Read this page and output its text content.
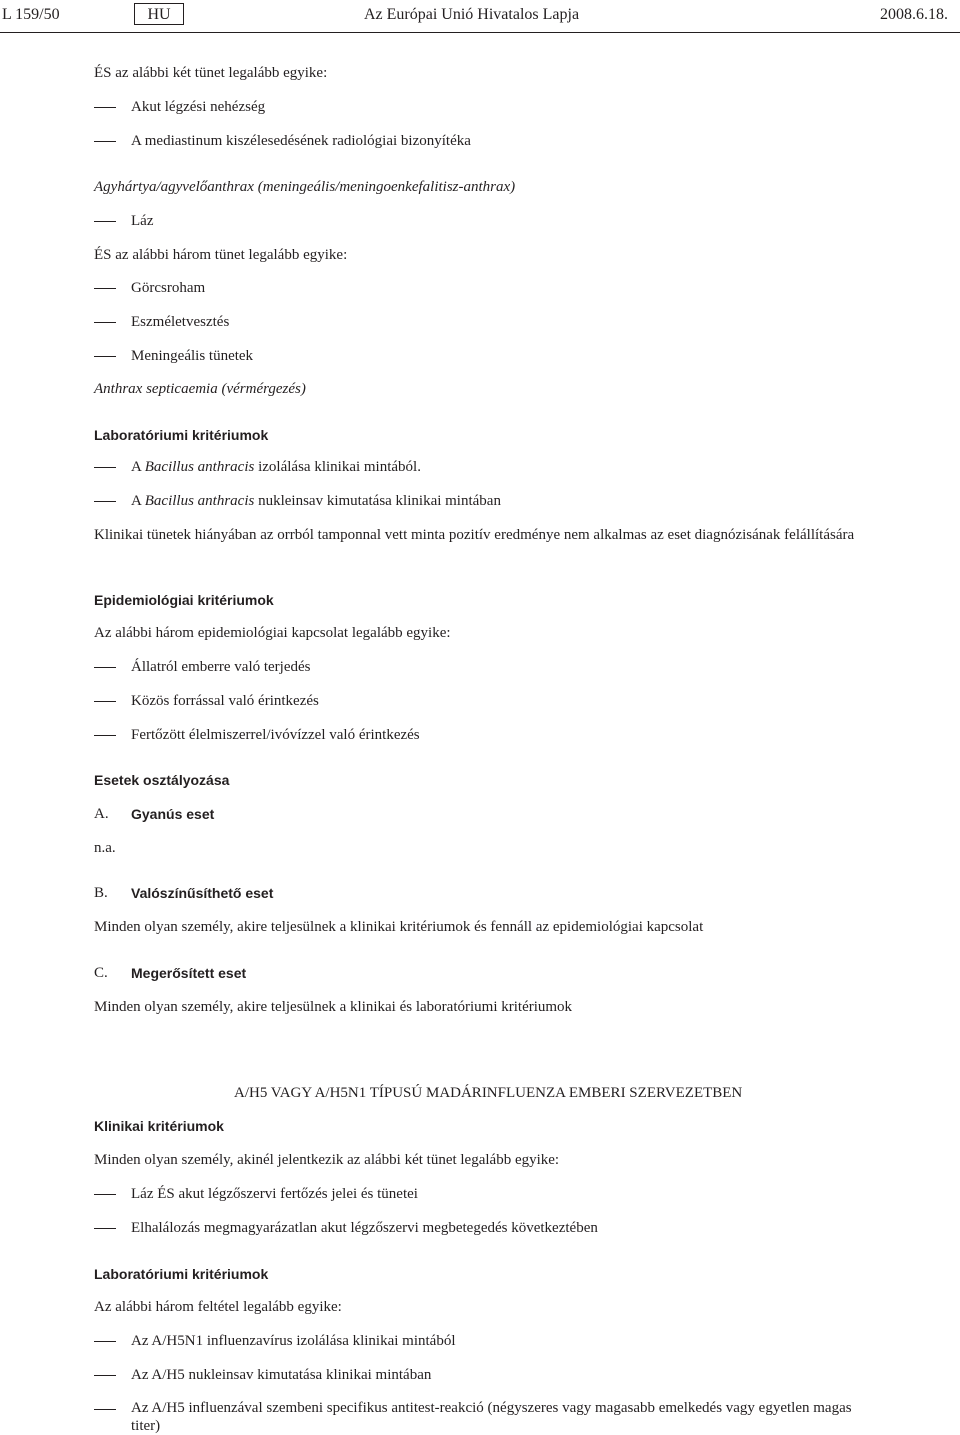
L 159/50	HU	Az Európai Unió Hivatalos Lapja	2008.6.18.
ÉS az alábbi két tünet legalább egyike:
Akut légzési nehézség
A mediastinum kiszélesedésének radiológiai bizonyítéka
Agyhártya/agyvelőanthrax (meningeális/meningoenkefalitisz-anthrax)
Láz
ÉS az alábbi három tünet legalább egyike:
Görcsroham
Eszméletvesztés
Meningeális tünetek
Anthrax septicaemia (vérmérgezés)
Laboratóriumi kritériumok
A Bacillus anthracis izolálása klinikai mintából.
A Bacillus anthracis nukleinsav kimutatása klinikai mintában
Klinikai tünetek hiányában az orrból tamponnal vett minta pozitív eredménye nem alkalmas az eset diagnózisának felállítására
Epidemiológiai kritériumok
Az alábbi három epidemiológiai kapcsolat legalább egyike:
Állatról emberre való terjedés
Közös forrással való érintkezés
Fertőzött élelmiszerrel/ivóvízzel való érintkezés
Esetek osztályozása
A. Gyanús eset
n.a.
B. Valószínűsíthető eset
Minden olyan személy, akire teljesülnek a klinikai kritériumok és fennáll az epidemiológiai kapcsolat
C. Megerősített eset
Minden olyan személy, akire teljesülnek a klinikai és laboratóriumi kritériumok
A/H5 VAGY A/H5N1 TÍPUSÚ MADÁRINFLUENZA EMBERI SZERVEZETBEN
Klinikai kritériumok
Minden olyan személy, akinél jelentkezik az alábbi két tünet legalább egyike:
Láz ÉS akut légzőszervi fertőzés jelei és tünetei
Elhalálozás megmagyarázatlan akut légzőszervi megbetegedés következtében
Laboratóriumi kritériumok
Az alábbi három feltétel legalább egyike:
Az A/H5N1 influenzavírus izolálása klinikai mintából
Az A/H5 nukleinsav kimutatása klinikai mintában
Az A/H5 influenzával szembeni specifikus antitest-reakció (négyszeres vagy magasabb emelkedés vagy egyetlen magas titer)
